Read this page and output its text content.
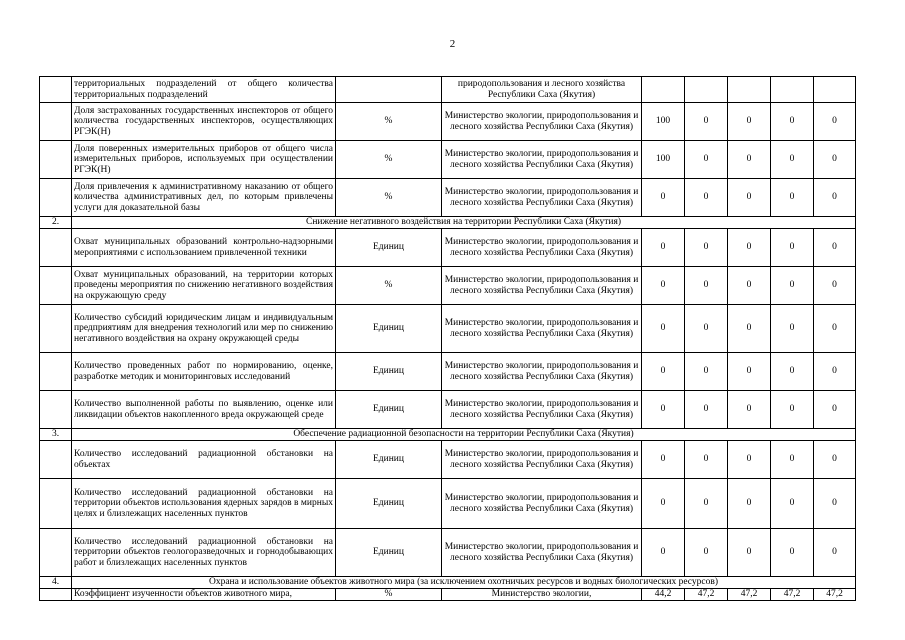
2
	территориальных подразделений от общего количества территориальных подразделений		природопользования и лесного хозяйства Республики Саха (Якутия)					
	Доля застрахованных государственных инспекторов от общего количества государственных инспекторов, осуществляющих РГЭК(Н)	%	Министерство экологии, природопользования и лесного хозяйства Республики Саха (Якутия)	100	0	0	0	0
	Доля поверенных измерительных приборов от общего числа измерительных приборов, используемых при осуществлении РГЭК(Н)	%	Министерство экологии, природопользования и лесного хозяйства Республики Саха (Якутия)	100	0	0	0	0
	Доля привлечения к административному наказанию от общего количества административных дел, по которым привлечены услуги для доказательной базы	%	Министерство экологии, природопользования и лесного хозяйства Республики Саха (Якутия)	0	0	0	0	0
2.	Снижение негативного воздействия на территории Республики Саха (Якутия)							
	Охват муниципальных образований контрольно-надзорными мероприятиями с использованием привлеченной техники	Единиц	Министерство экологии, природопользования и лесного хозяйства Республики Саха (Якутия)	0	0	0	0	0
	Охват муниципальных образований, на территории которых проведены мероприятия по снижению негативного воздействия на окружающую среду	%	Министерство экологии, природопользования и лесного хозяйства Республики Саха (Якутия)	0	0	0	0	0
	Количество субсидий юридическим лицам и индивидуальным предприятиям для внедрения технологий или мер по снижению негативного воздействия на охрану окружающей среды	Единиц	Министерство экологии, природопользования и лесного хозяйства Республики Саха (Якутия)	0	0	0	0	0
	Количество проведенных работ по нормированию, оценке, разработке методик и мониторинговых исследований	Единиц	Министерство экологии, природопользования и лесного хозяйства Республики Саха (Якутия)	0	0	0	0	0
	Количество выполненной работы по выявлению, оценке или ликвидации объектов накопленного вреда окружающей среде	Единиц	Министерство экологии, природопользования и лесного хозяйства Республики Саха (Якутия)	0	0	0	0	0
3.	Обеспечение радиационной безопасности на территории Республики Саха (Якутия)							
	Количество исследований радиационной обстановки на объектах	Единиц	Министерство экологии, природопользования и лесного хозяйства Республики Саха (Якутия)	0	0	0	0	0
	Количество исследований радиационной обстановки на территории объектов использования ядерных зарядов в мирных целях и близлежащих населенных пунктов	Единиц	Министерство экологии, природопользования и лесного хозяйства Республики Саха (Якутия)	0	0	0	0	0
	Количество исследований радиационной обстановки на территории объектов геологоразведочных и горнодобывающих работ и близлежащих населенных пунктов	Единиц	Министерство экологии, природопользования и лесного хозяйства Республики Саха (Якутия)	0	0	0	0	0
4.	Охрана и использование объектов животного мира (за исключением охотничьих ресурсов и водных биологических ресурсов)							
	Коэффициент изученности объектов животного мира,	%	Министерство экологии,	44,2	47,2	47,2	47,2	47,2
